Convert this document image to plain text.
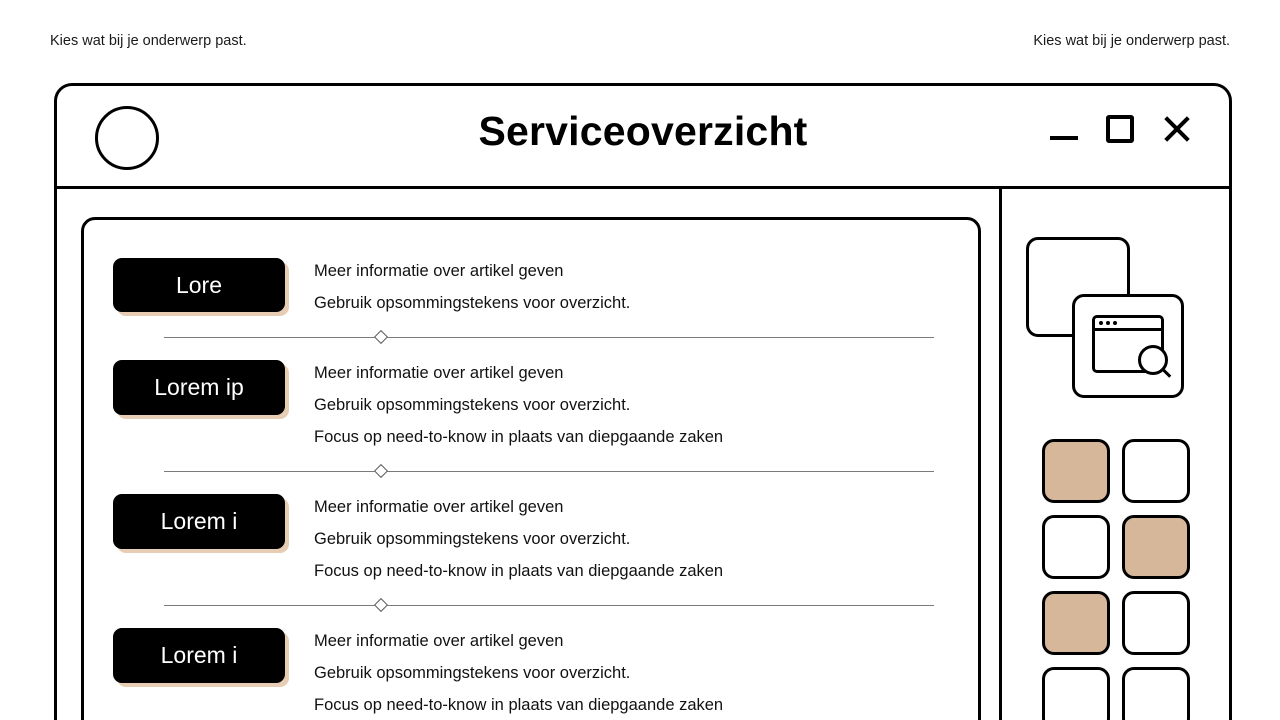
Kies wat bij je onderwerp past.	Kies wat bij je onderwerp past.
Serviceoverzicht
Lore
Meer informatie over artikel geven
Gebruik opsommingstekens voor overzicht.
Lorem ip
Meer informatie over artikel geven
Gebruik opsommingstekens voor overzicht.
Focus op need-to-know in plaats van diepgaande zaken
Lorem i
Meer informatie over artikel geven
Gebruik opsommingstekens voor overzicht.
Focus op need-to-know in plaats van diepgaande zaken
Lorem i
Meer informatie over artikel geven
Gebruik opsommingstekens voor overzicht.
Focus op need-to-know in plaats van diepgaande zaken
